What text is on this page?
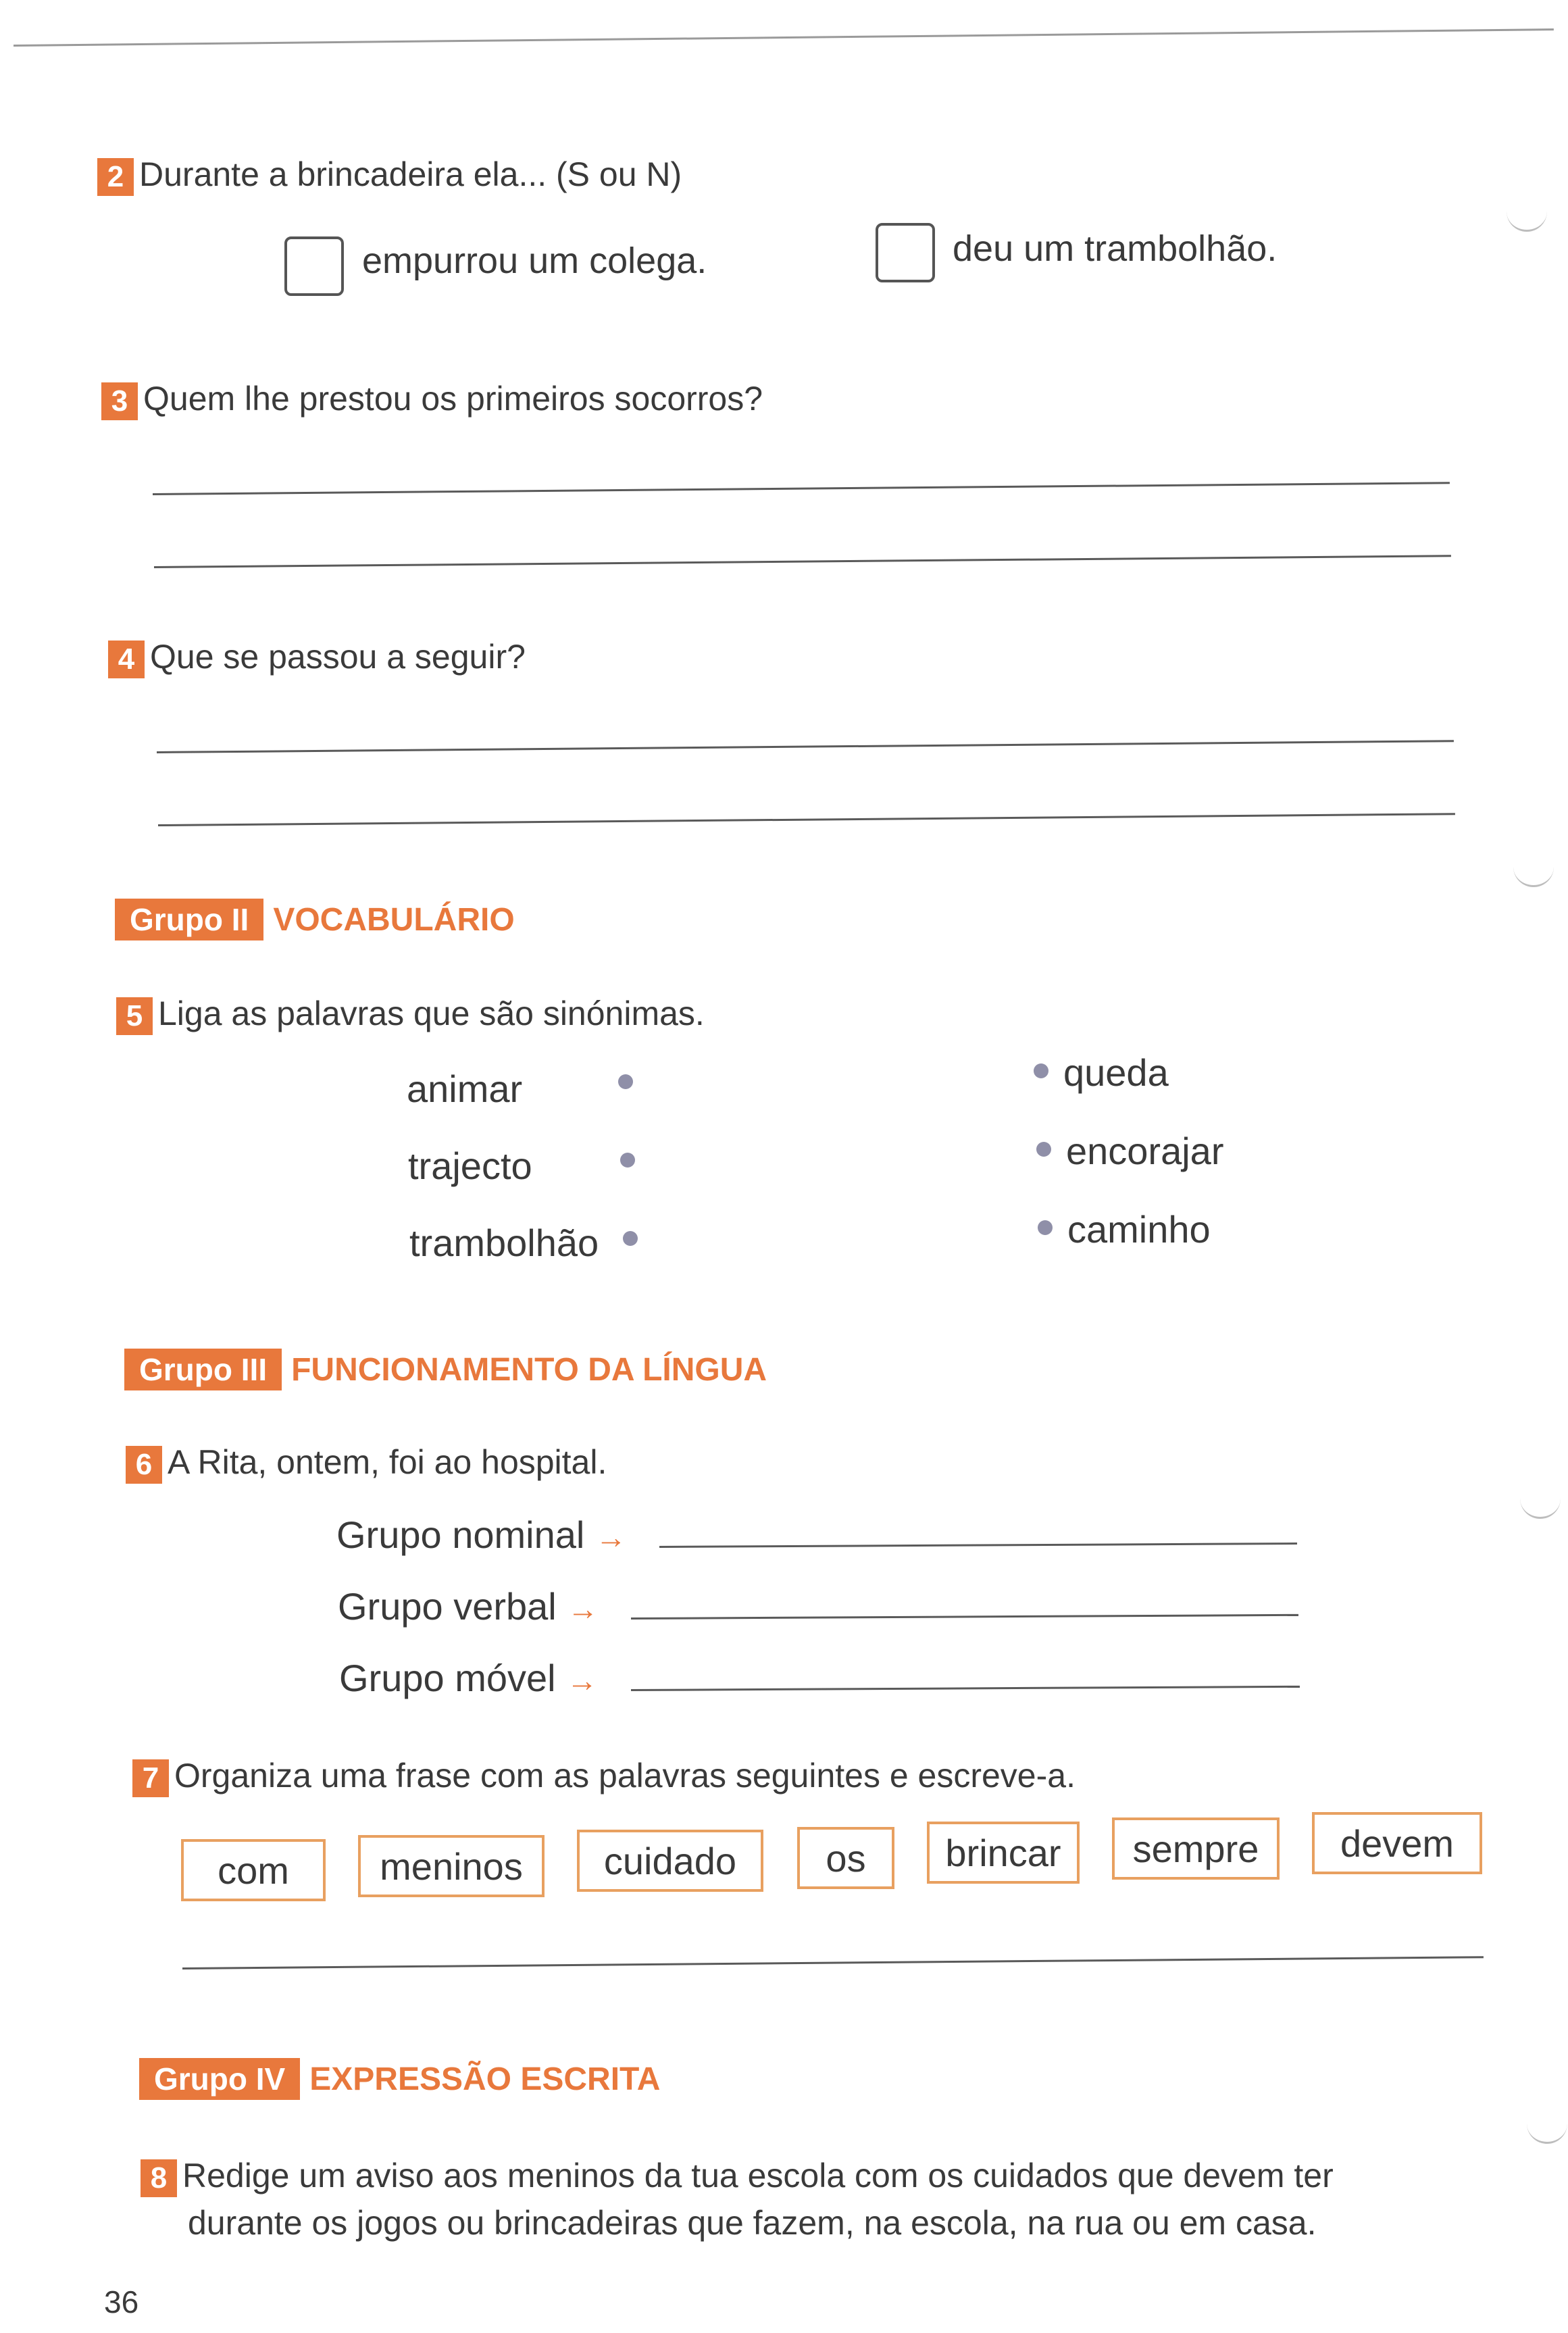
2 Durante a brincadeira ela... (S ou N)
empurrou um colega.	deu um trambolhão.
3 Quem lhe prestou os primeiros socorros?
4 Que se passou a seguir?
Grupo II VOCABULÁRIO
5 Liga as palavras que são sinónimas.
animar
trajecto
trambolhão
queda
encorajar
caminho
Grupo III FUNCIONAMENTO DA LÍNGUA
6 A Rita, ontem, foi ao hospital.
Grupo nominal →
Grupo verbal →
Grupo móvel →
7 Organiza uma frase com as palavras seguintes e escreve-a.
com	meninos	cuidado	os	brincar	sempre	devem
Grupo IV EXPRESSÃO ESCRITA
8 Redige um aviso aos meninos da tua escola com os cuidados que devem ter
durante os jogos ou brincadeiras que fazem, na escola, na rua ou em casa.
36
